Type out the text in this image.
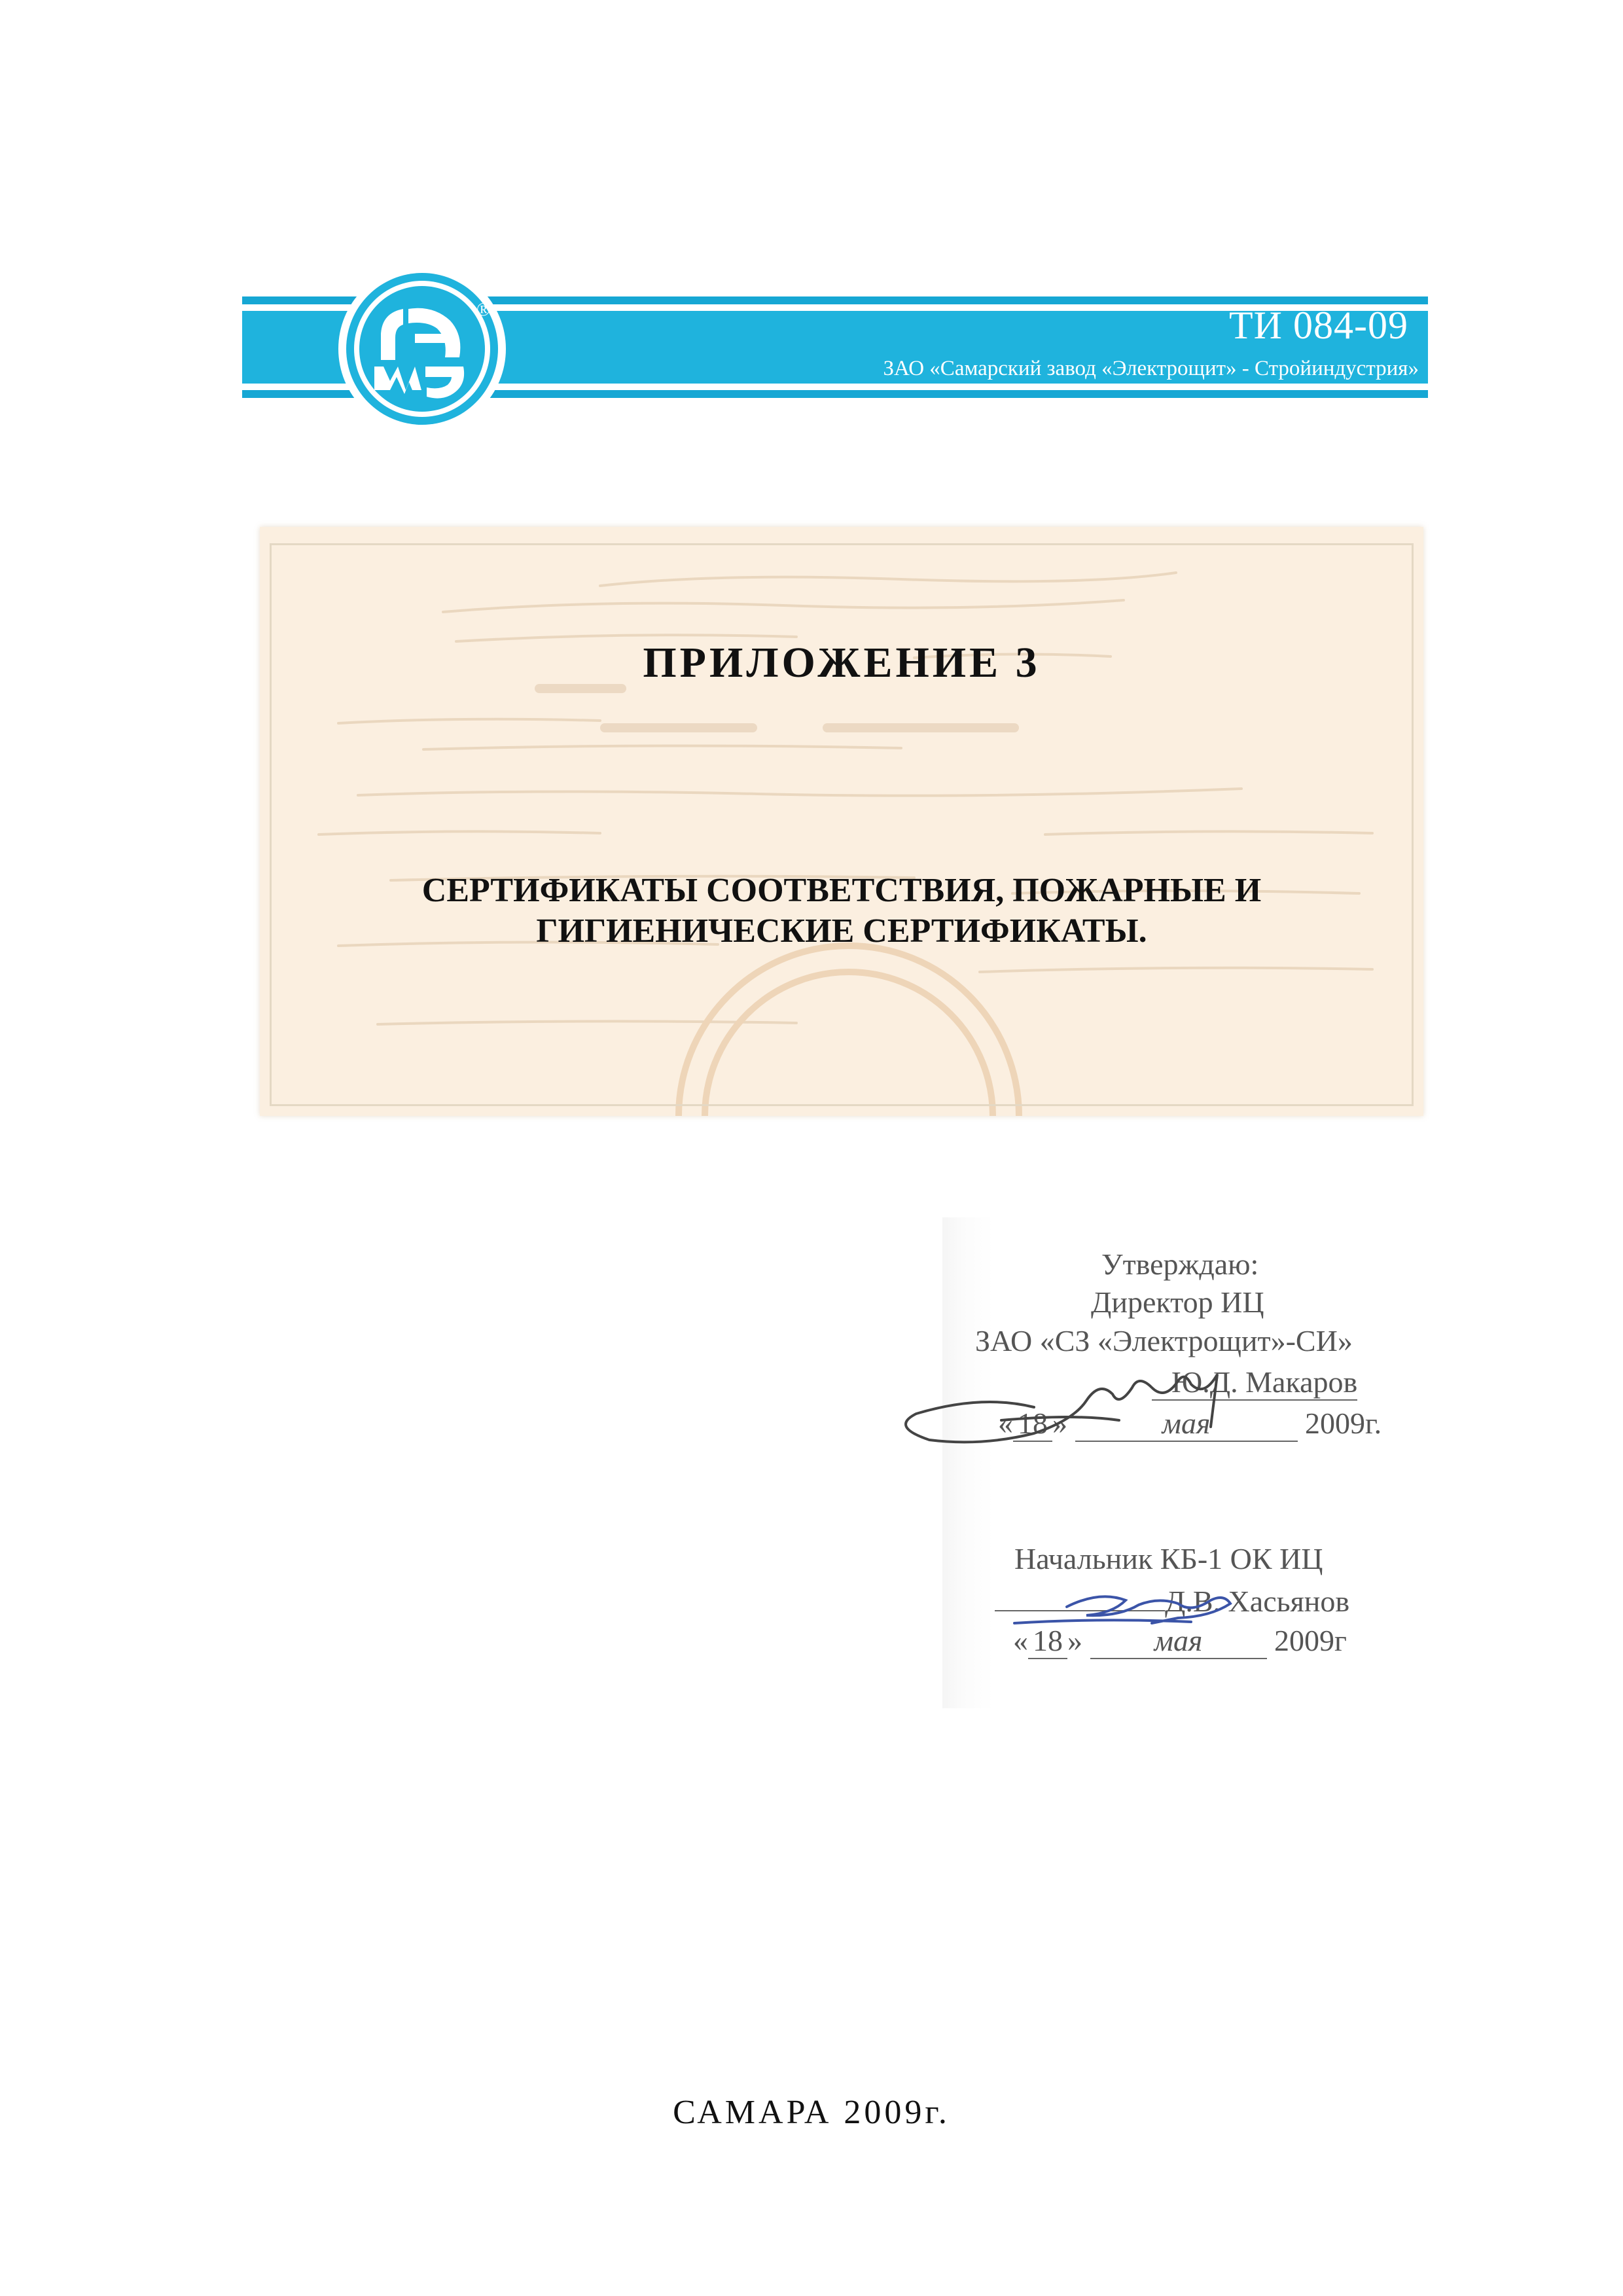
ТИ 084-09
ЗАО «Самарский завод «Электрощит» - Стройиндустрия»
®
ПРИЛОЖЕНИЕ 3
СЕРТИФИКАТЫ СООТВЕТСТВИЯ, ПОЖАРНЫЕ И
ГИГИЕНИЧЕСКИЕ СЕРТИФИКАТЫ.
Утверждаю:
Директор ИЦ
ЗАО «СЗ «Электрощит»-СИ»
Ю.Д. Макаров
« 18 »	мая	2009г.
Начальник КБ-1 ОК ИЦ
Д.В. Хасьянов
« 18 » мая 2009г
САМАРА 2009г.
